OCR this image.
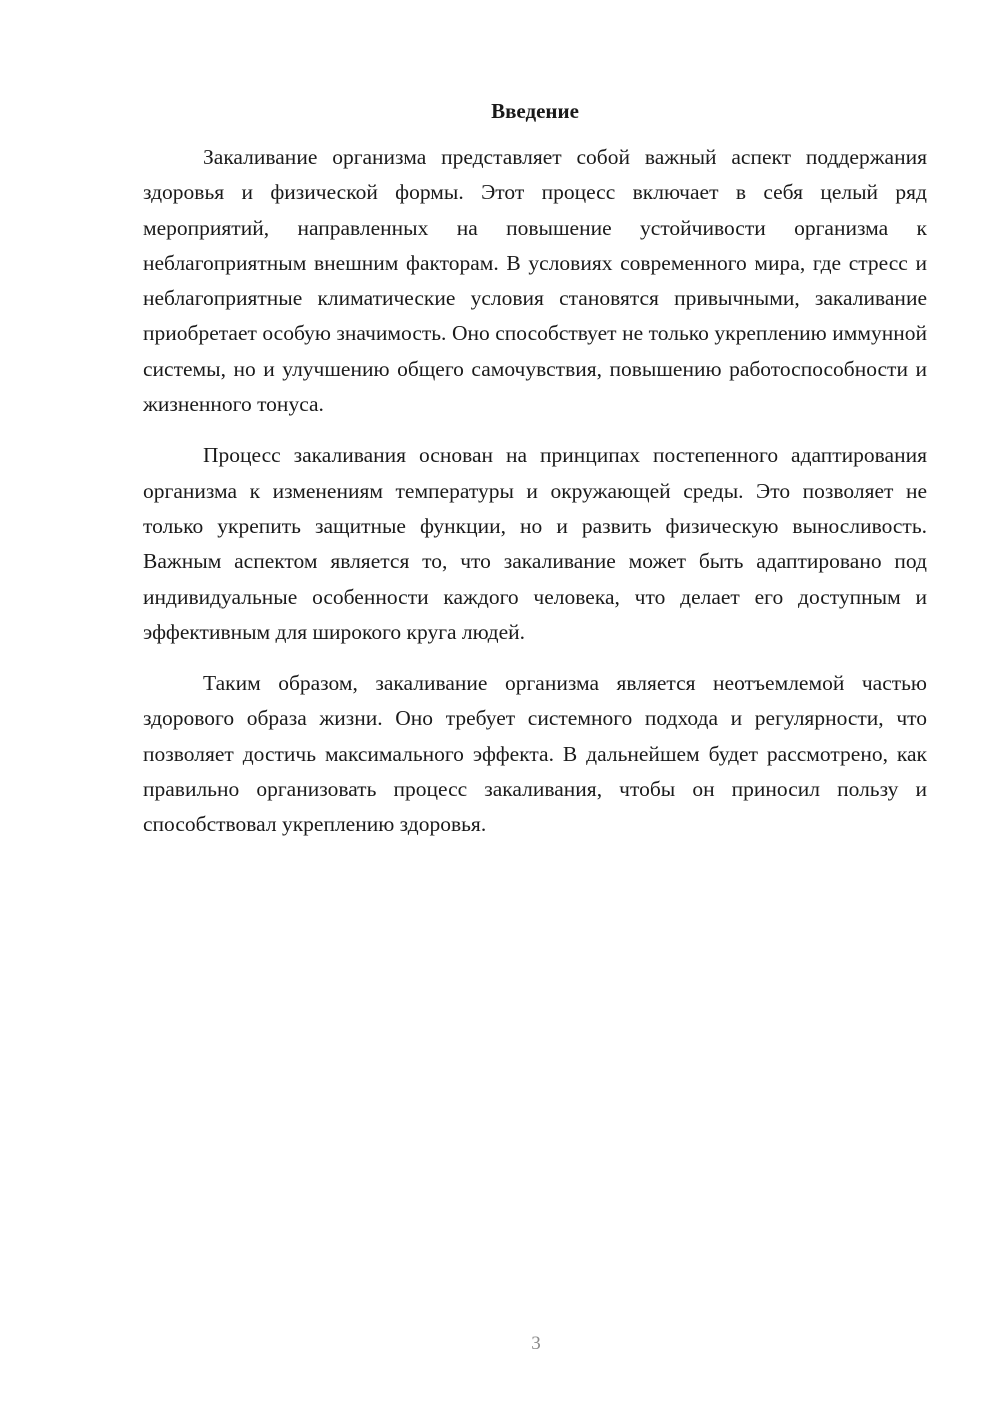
Введение

Закаливание организма представляет собой важный аспект поддержания здоровья и физической формы. Этот процесс включает в себя целый ряд мероприятий, направленных на повышение устойчивости организма к неблагоприятным внешним факторам. В условиях современного мира, где стресс и неблагоприятные климатические условия становятся привычными, закаливание приобретает особую значимость. Оно способствует не только укреплению иммунной системы, но и улучшению общего самочувствия, повышению работоспособности и жизненного тонуса.

Процесс закаливания основан на принципах постепенного адаптирования организма к изменениям температуры и окружающей среды. Это позволяет не только укрепить защитные функции, но и развить физическую выносливость. Важным аспектом является то, что закаливание может быть адаптировано под индивидуальные особенности каждого человека, что делает его доступным и эффективным для широкого круга людей.

Таким образом, закаливание организма является неотъемлемой частью здорового образа жизни. Оно требует системного подхода и регулярности, что позволяет достичь максимального эффекта. В дальнейшем будет рассмотрено, как правильно организовать процесс закаливания, чтобы он приносил пользу и способствовал укреплению здоровья.

3
